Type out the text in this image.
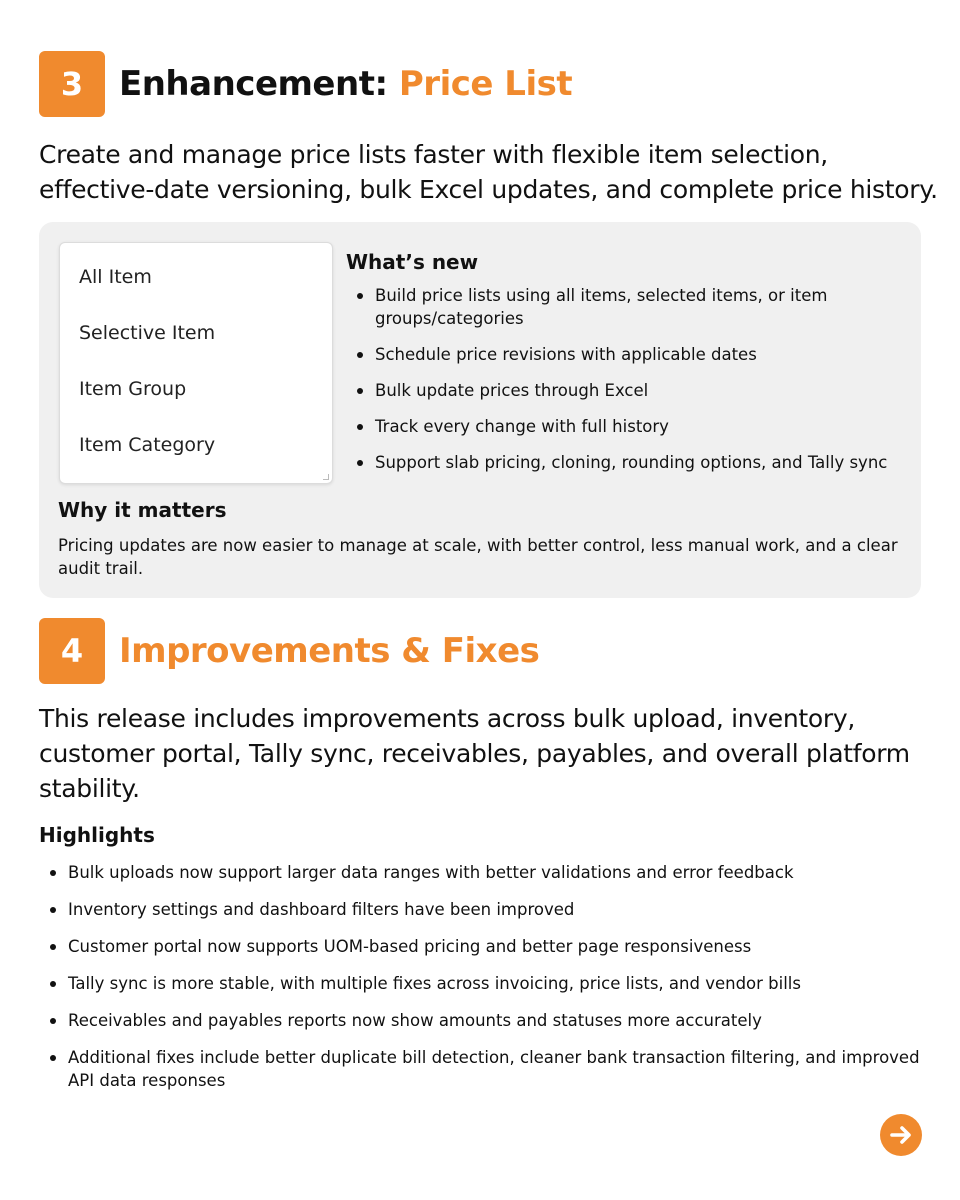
3	Enhancement: Price List

Create and manage price lists faster with flexible item selection, effective-date versioning, bulk Excel updates, and complete price history.

All Item
Selective Item
Item Group
Item Category
What’s new
Build price lists using all items, selected items, or item groups/categories
Schedule price revisions with applicable dates
Bulk update prices through Excel
Track every change with full history
Support slab pricing, cloning, rounding options, and Tally sync
Why it matters

Pricing updates are now easier to manage at scale, with better control, less manual work, and a clear audit trail.

4	Improvements & Fixes

This release includes improvements across bulk upload, inventory, customer portal, Tally sync, receivables, payables, and overall platform stability.

Highlights
Bulk uploads now support larger data ranges with better validations and error feedback
Inventory settings and dashboard filters have been improved
Customer portal now supports UOM-based pricing and better page responsiveness
Tally sync is more stable, with multiple fixes across invoicing, price lists, and vendor bills
Receivables and payables reports now show amounts and statuses more accurately
Additional fixes include better duplicate bill detection, cleaner bank transaction filtering, and improved API data responses
